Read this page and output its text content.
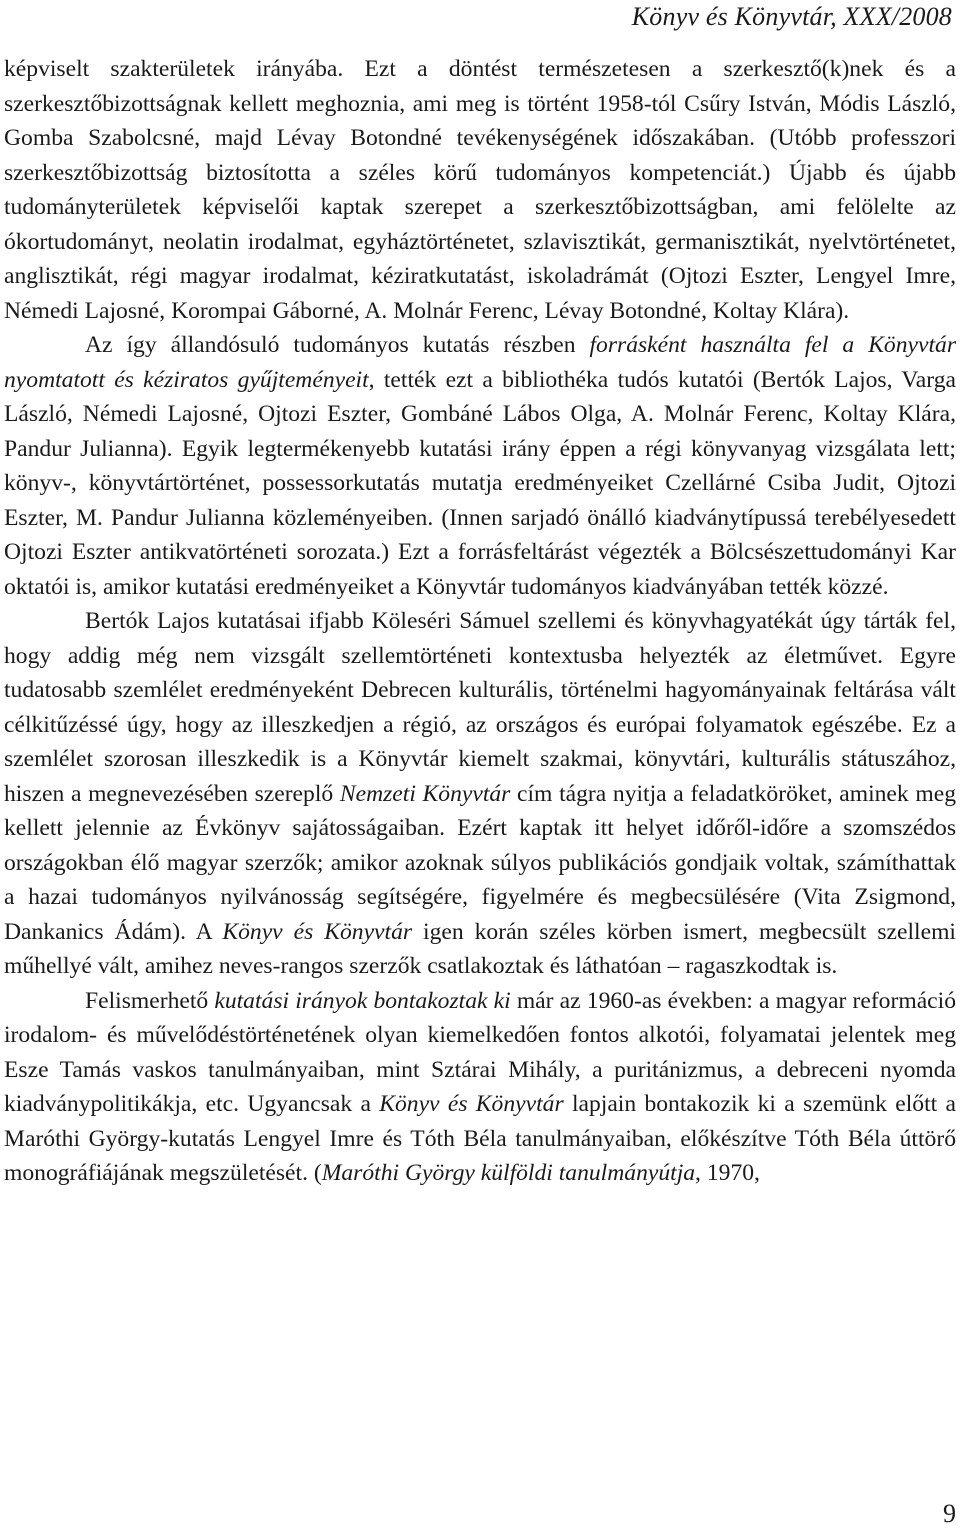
Könyv és Könyvtár, XXX/2008

képviselt szakterületek irányába. Ezt a döntést természetesen a szerkesztő(k)nek és a szerkesztőbizottságnak kellett meghoznia, ami meg is történt 1958-tól Csűry István, Módis László, Gomba Szabolcsné, majd Lévay Botondné tevékenységének időszakában. (Utóbb professzori szerkesztőbizottság biztosította a széles körű tudományos kompetenciát.) Újabb és újabb tudományterületek képviselői kaptak szerepet a szerkesztőbizottságban, ami felölelte az ókortudományt, neolatin irodalmat, egyháztörténetet, szlavisztikát, germanisztikát, nyelvtörténetet, anglisztikát, régi magyar irodalmat, kéziratkutatást, iskoladrámát (Ojtozi Eszter, Lengyel Imre, Némedi Lajosné, Korompai Gáborné, A. Molnár Ferenc, Lévay Botondné, Koltay Klára).

Az így állandósuló tudományos kutatás részben forrásként használta fel a Könyvtár nyomtatott és kéziratos gyűjteményeit, tették ezt a bibliothéka tudós kutatói (Bertók Lajos, Varga László, Némedi Lajosné, Ojtozi Eszter, Gombáné Lábos Olga, A. Molnár Ferenc, Koltay Klára, Pandur Julianna). Egyik legtermékenyebb kutatási irány éppen a régi könyvanyag vizsgálata lett; könyv-, könyvtártörténet, possessorkutatás mutatja eredményeiket Czellárné Csiba Judit, Ojtozi Eszter, M. Pandur Julianna közleményeiben. (Innen sarjadó önálló kiadványtípussá terebélyesedett Ojtozi Eszter antikvatörténeti sorozata.) Ezt a forrásfeltárást végezték a Bölcsészettudományi Kar oktatói is, amikor kutatási eredményeiket a Könyvtár tudományos kiadványában tették közzé.

Bertók Lajos kutatásai ifjabb Köleséri Sámuel szellemi és könyvhagyatékát úgy tárták fel, hogy addig még nem vizsgált szellemtörténeti kontextusba helyezték az életművet. Egyre tudatosabb szemlélet eredményeként Debrecen kulturális, történelmi hagyományainak feltárása vált célkitűzéssé úgy, hogy az illeszkedjen a régió, az országos és európai folyamatok egészébe. Ez a szemlélet szorosan illeszkedik is a Könyvtár kiemelt szakmai, könyvtári, kulturális státuszához, hiszen a megnevezésében szereplő Nemzeti Könyvtár cím tágra nyitja a feladatköröket, aminek meg kellett jelennie az Évkönyv sajátosságaiban. Ezért kaptak itt helyet időről-időre a szomszédos országokban élő magyar szerzők; amikor azoknak súlyos publikációs gondjaik voltak, számíthattak a hazai tudományos nyilvánosság segítségére, figyelmére és megbecsülésére (Vita Zsigmond, Dankanics Ádám). A Könyv és Könyvtár igen korán széles körben ismert, megbecsült szellemi műhellyé vált, amihez neves-rangos szerzők csatlakoztak és láthatóan – ragaszkodtak is.

Felismerhető kutatási irányok bontakoztak ki már az 1960-as években: a magyar reformáció irodalom- és művelődéstörténetének olyan kiemelkedően fontos alkotói, folyamatai jelentek meg Esze Tamás vaskos tanulmányaiban, mint Sztárai Mihály, a puritánizmus, a debreceni nyomda kiadványpolitikákja, etc. Ugyancsak a Könyv és Könyvtár lapjain bontakozik ki a szemünk előtt a Maróthi György-kutatás Lengyel Imre és Tóth Béla tanulmányaiban, előkészítve Tóth Béla úttörő monográfiájának megszületését. (Maróthi György külföldi tanulmányútja, 1970,

9
